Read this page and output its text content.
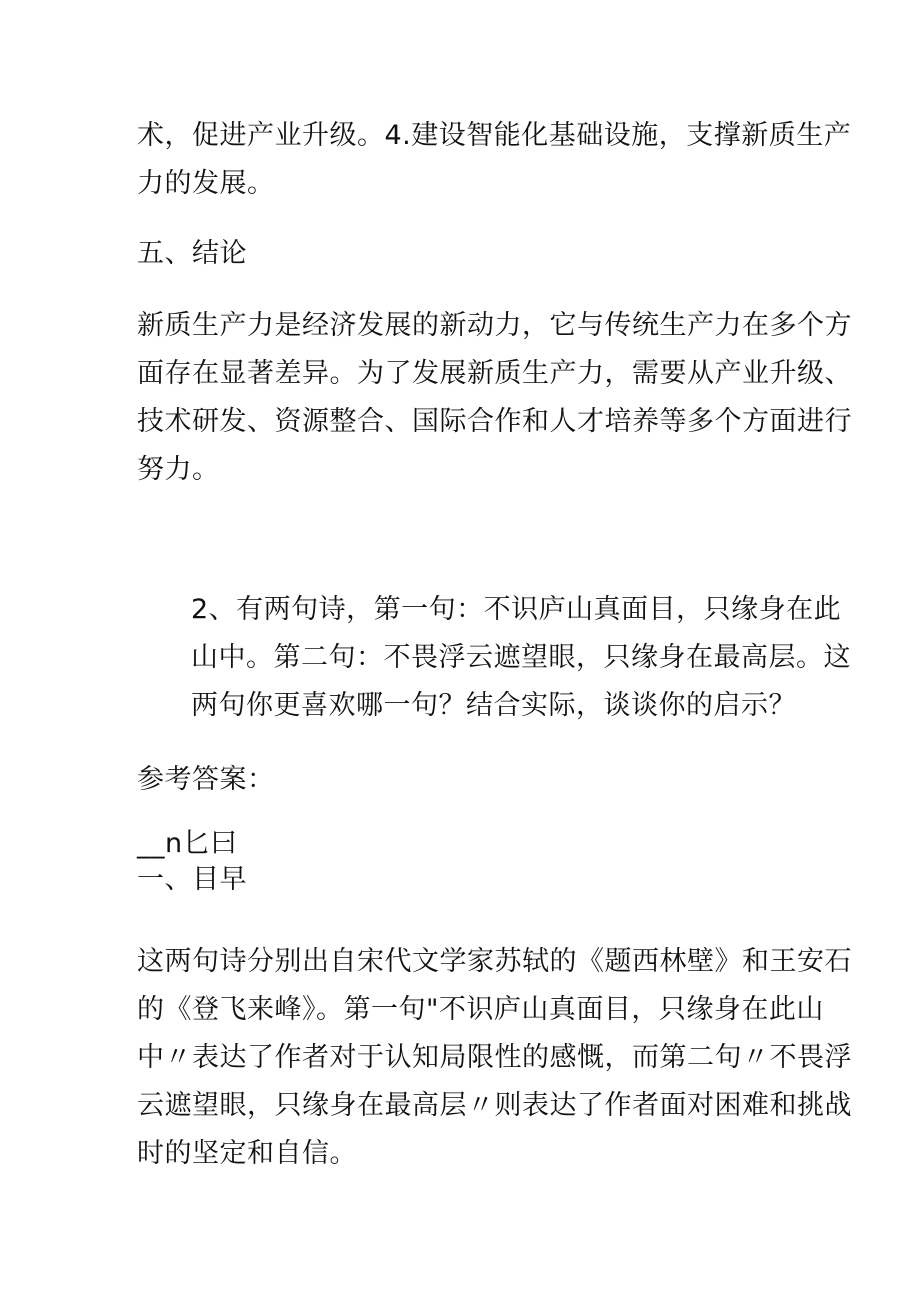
术，促进产业升级。4.建设智能化基础设施，支撑新质生产
力的发展。

五、结论

新质生产力是经济发展的新动力，它与传统生产力在多个方
面存在显著差异。为了发展新质生产力，需要从产业升级、
技术研发、资源整合、国际合作和人才培养等多个方面进行
努力。

2、有两句诗，第一句：不识庐山真面目，只缘身在此
山中。第二句：不畏浮云遮望眼，只缘身在最高层。这
两句你更喜欢哪一句？结合实际，谈谈你的启示？

参考答案：

__n匕曰
一、目早

这两句诗分别出自宋代文学家苏轼的《题西林壁》和王安石
的《登飞来峰》。第一句"不识庐山真面目，只缘身在此山
中〃表达了作者对于认知局限性的感慨，而第二句〃不畏浮
云遮望眼，只缘身在最高层〃则表达了作者面对困难和挑战
时的坚定和自信。
